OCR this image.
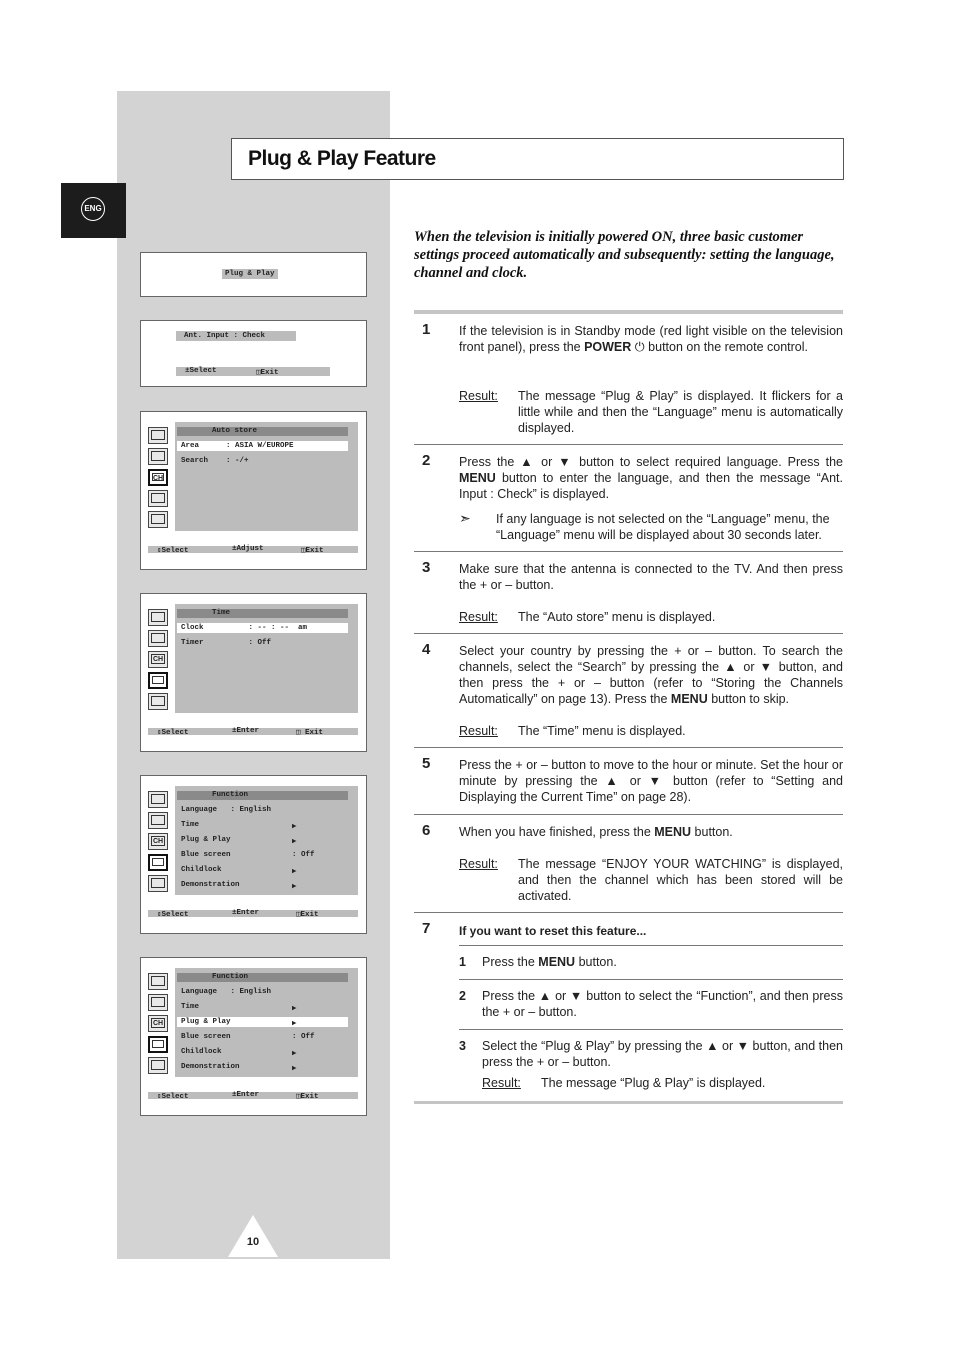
ENG
Plug & Play Feature
When the television is initially powered ON, three basic customer settings proceed automatically and subsequently: setting the language, channel and clock.
1 If the television is in Standby mode (red light visible on the television front panel), press the POWER ⏻ button on the remote control.
Result: The message “Plug & Play” is displayed. It flickers for a little while and then the “Language” menu is automatically displayed.
2 Press the ▲ or ▼ button to select required language. Press the MENU button to enter the language, and then the message “Ant. Input : Check” is displayed.
➣ If any language is not selected on the “Language” menu, the “Language” menu will be displayed about 30 seconds later.
3 Make sure that the antenna is connected to the TV. And then press the + or ‒ button.
Result: The “Auto store” menu is displayed.
4 Select your country by pressing the + or ‒ button. To search the channels, select the “Search” by pressing the ▲ or ▼ button, and then press the + or ‒ button (refer to “Storing the Channels Automatically” on page 13). Press the MENU button to skip.
Result: The “Time” menu is displayed.
5 Press the + or ‒ button to move to the hour or minute. Set the hour or minute by pressing the ▲ or ▼ button (refer to “Setting and Displaying the Current Time” on page 28).
6 When you have finished, press the MENU button.
Result: The message “ENJOY YOUR WATCHING” is displayed, and then the channel which has been stored will be activated.
7 If you want to reset this feature...
1 Press the MENU button.
2 Press the ▲ or ▼ button to select the “Function”, and then press the + or ‒ button.
3 Select the “Plug & Play” by pressing the ▲ or ▼ button, and then press the + or ‒ button.
Result: The message “Plug & Play” is displayed.
Plug & Play
Ant. Input : Check
±Select	◫Exit
CH
Auto store
Area      : ASIA W/EUROPE
Search    : -/+
⇕Select	±Adjust	◫Exit
CH
Time
Clock          : -- : --  am
Timer          : Off
⇕Select	±Enter	◫ Exit
CH
Function
Language   : English
Time	▶
Plug & Play	▶
Blue screen	: Off
Childlock	▶
Demonstration	▶
⇕Select	±Enter	◫Exit
CH
Function
Language   : English
Time	▶
Plug & Play	▶
Blue screen	: Off
Childlock	▶
Demonstration	▶
⇕Select	±Enter	◫Exit
10
